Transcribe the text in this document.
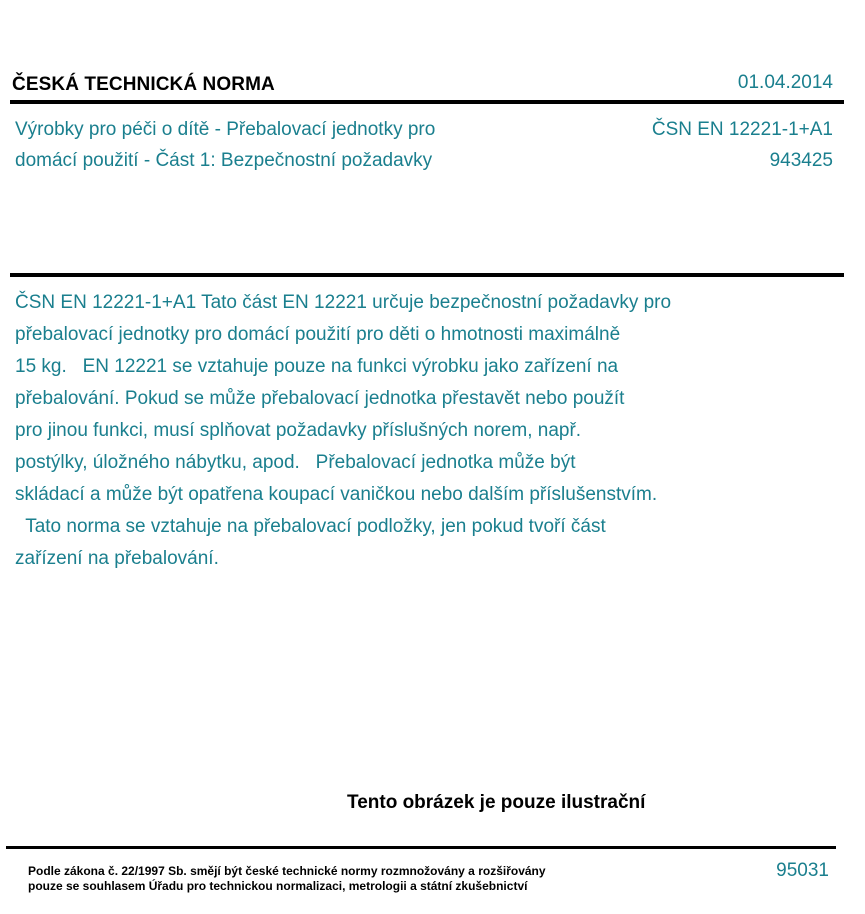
ČESKÁ TECHNICKÁ NORMA	01.04.2014
Výrobky pro péči o dítě - Přebalovací jednotky pro
domácí použití - Část 1: Bezpečnostní požadavky
ČSN EN 12221-1+A1
943425
ČSN EN 12221-1+A1 Tato část EN 12221 určuje bezpečnostní požadavky pro
přebalovací jednotky pro domácí použití pro děti o hmotnosti maximálně
15 kg.   EN 12221 se vztahuje pouze na funkci výrobku jako zařízení na
přebalování. Pokud se může přebalovací jednotka přestavět nebo použít
pro jinou funkci, musí splňovat požadavky příslušných norem, např.
postýlky, úložného nábytku, apod.   Přebalovací jednotka může být
skládací a může být opatřena koupací vaničkou nebo dalším příslušenstvím.
Tato norma se vztahuje na přebalovací podložky, jen pokud tvoří část
zařízení na přebalování.
Tento obrázek je pouze ilustrační
Podle zákona č. 22/1997 Sb. smějí být české technické normy rozmnožovány a rozšiřovány
pouze se souhlasem Úřadu pro technickou normalizaci, metrologii a státní zkušebnictví
95031
